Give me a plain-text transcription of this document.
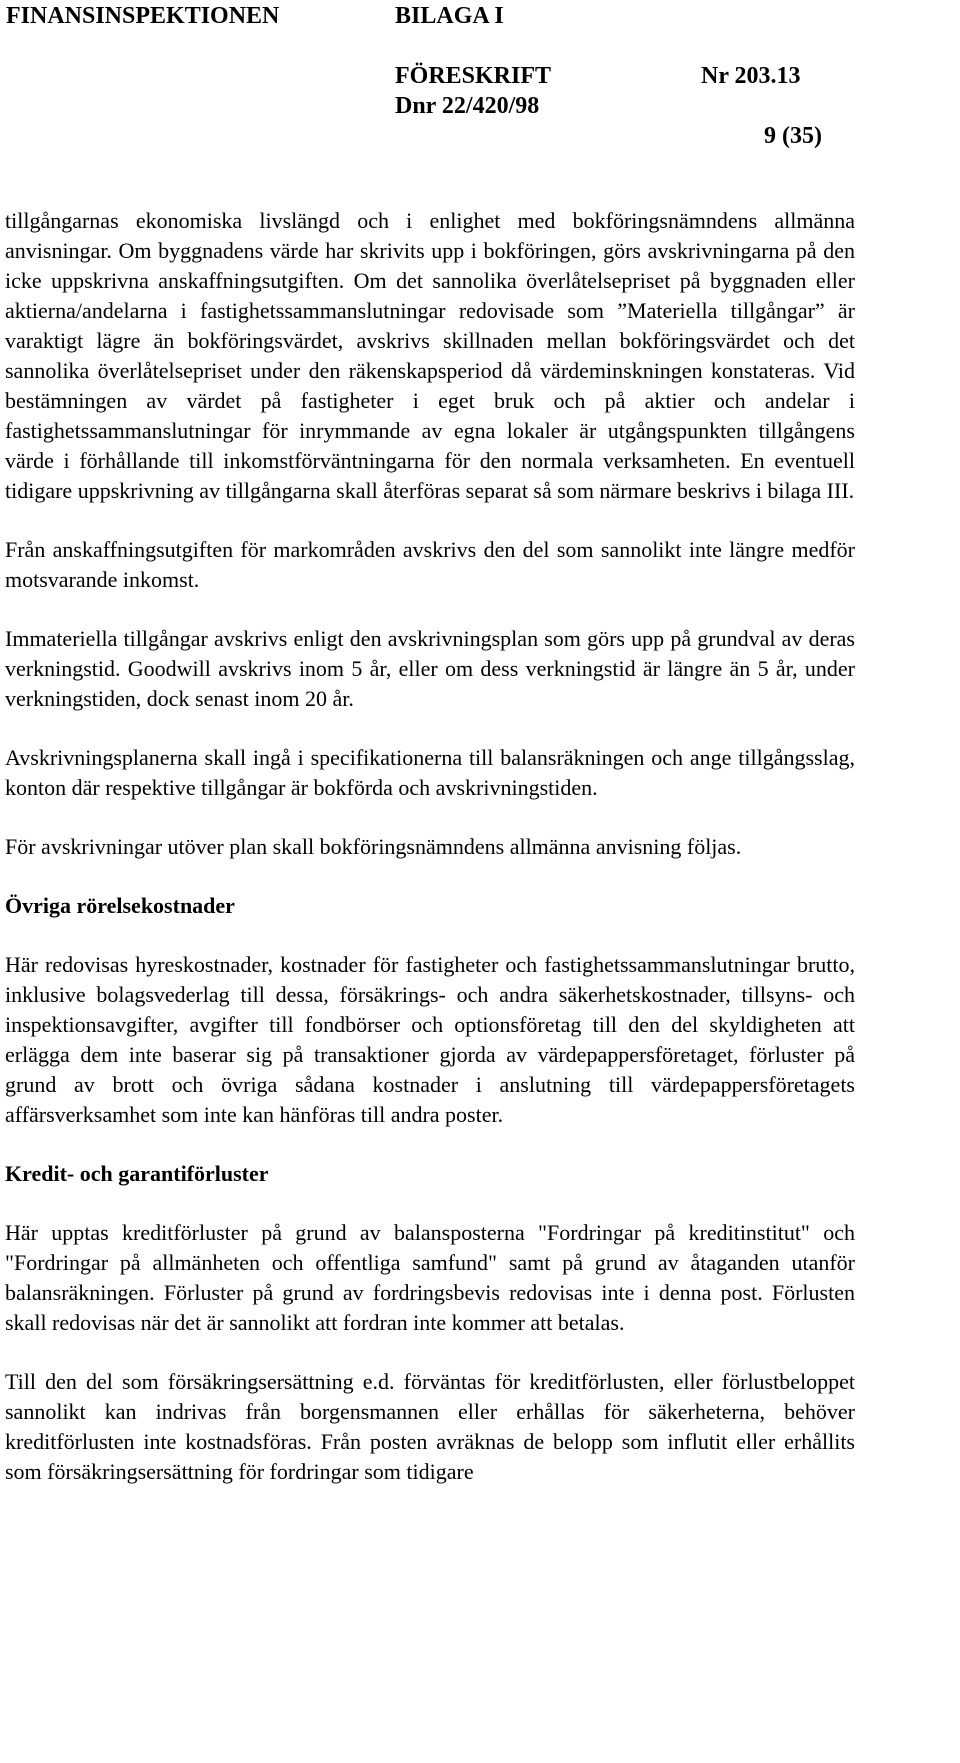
FINANSINSPEKTIONEN	BILAGA I
FÖRESKRIFT	Nr 203.13
Dnr 22/420/98
9 (35)

tillgångarnas ekonomiska livslängd och i enlighet med bokföringsnämndens allmänna anvisningar. Om byggnadens värde har skrivits upp i bokföringen, görs avskrivningarna på den icke uppskrivna anskaffningsutgiften. Om det sannolika överlåtelsepriset på byggnaden eller aktierna/andelarna i fastighetssammanslutningar redovisade som ”Materiella tillgångar” är varaktigt lägre än bokföringsvärdet, avskrivs skillnaden mellan bokföringsvärdet och det sannolika överlåtelsepriset under den räkenskapsperiod då värdeminskningen konstateras. Vid bestämningen av värdet på fastigheter i eget bruk och på aktier och andelar i fastighetssammanslutningar för inrymmande av egna lokaler är utgångspunkten tillgångens värde i förhållande till inkomstförväntningarna för den normala verksamheten. En eventuell tidigare uppskrivning av tillgångarna skall återföras separat så som närmare beskrivs i bilaga III.

Från anskaffningsutgiften för markområden avskrivs den del som sannolikt inte längre medför motsvarande inkomst.

Immateriella tillgångar avskrivs enligt den avskrivningsplan som görs upp på grundval av deras verkningstid. Goodwill avskrivs inom 5 år, eller om dess verkningstid är längre än 5 år, under verkningstiden, dock senast inom 20 år.

Avskrivningsplanerna skall ingå i specifikationerna till balansräkningen och ange tillgångsslag, konton där respektive tillgångar är bokförda och avskrivningstiden.

För avskrivningar utöver plan skall bokföringsnämndens allmänna anvisning följas.

Övriga rörelsekostnader

Här redovisas hyreskostnader, kostnader för fastigheter och fastighetssammanslutningar brutto, inklusive bolagsvederlag till dessa, försäkrings- och andra säkerhetskostnader, tillsyns- och inspektionsavgifter, avgifter till fondbörser och optionsföretag till den del skyldigheten att erlägga dem inte baserar sig på transaktioner gjorda av värdepappersföretaget, förluster på grund av brott och övriga sådana kostnader i anslutning till värdepappersföretagets affärsverksamhet som inte kan hänföras till andra poster.

Kredit- och garantiförluster

Här upptas kreditförluster på grund av balansposterna "Fordringar på kreditinstitut" och "Fordringar på allmänheten och offentliga samfund" samt på grund av åtaganden utanför balansräkningen. Förluster på grund av fordringsbevis redovisas inte i denna post. Förlusten skall redovisas när det är sannolikt att fordran inte kommer att betalas.

Till den del som försäkringsersättning e.d. förväntas för kreditförlusten, eller förlustbeloppet sannolikt kan indrivas från borgensmannen eller erhållas för säkerheterna, behöver kreditförlusten inte kostnadsföras. Från posten avräknas de belopp som influtit eller erhållits som försäkringsersättning för fordringar som tidigare
